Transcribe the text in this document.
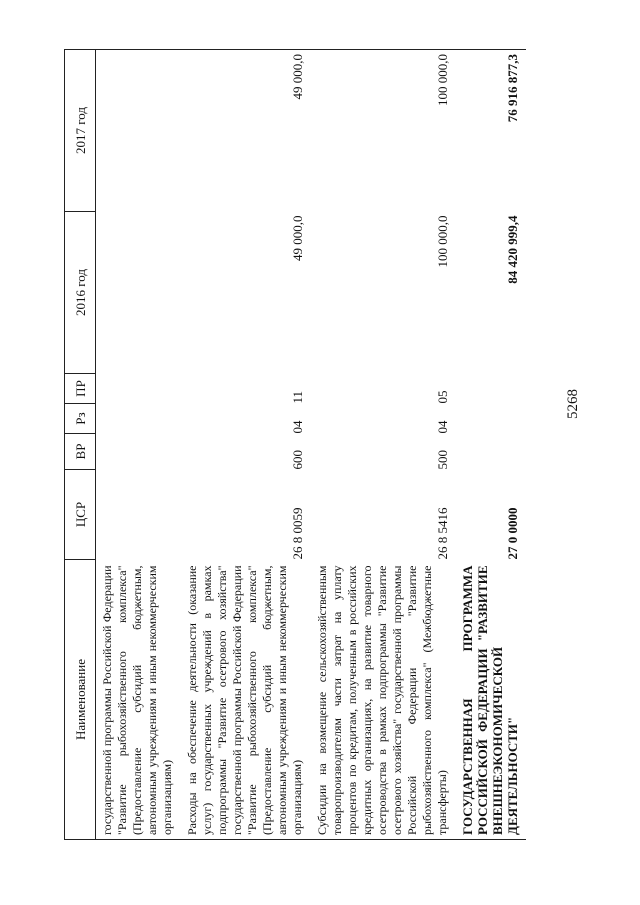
5268
Наименование	ЦСР	ВР	Рз	ПР	2016 год	2017 год
государственной программы Российской Федерации "Развитие рыбохозяйственного комплекса" (Предоставление субсидий бюджетным, автономным учреждениям и иным некоммерческим организациям)						
Расходы на обеспечение деятельности (оказание услуг) государственных учреждений в рамках подпрограммы "Развитие осетрового хозяйства" государственной программы Российской Федерации "Развитие рыбохозяйственного комплекса" (Предоставление субсидий бюджетным, автономным учреждениям и иным некоммерческим организациям)	26 8 0059	600	04	11	49 000,0	49 000,0
Субсидии на возмещение сельскохозяйственным товаропроизводителям части затрат на уплату процентов по кредитам, полученным в российских кредитных организациях, на развитие товарного осетроводства в рамках подпрограммы "Развитие осетрового хозяйства" государственной программы Российской Федерации "Развитие рыбохозяйственного комплекса" (Межбюджетные трансферты)	26 8 5416	500	04	05	100 000,0	100 000,0
ГОСУДАРСТВЕННАЯ ПРОГРАММА РОССИЙСКОЙ ФЕДЕРАЦИИ "РАЗВИТИЕ ВНЕШНЕЭКОНОМИЧЕСКОЙ ДЕЯТЕЛЬНОСТИ"	27 0 0000				84 420 999,4	76 916 877,3
